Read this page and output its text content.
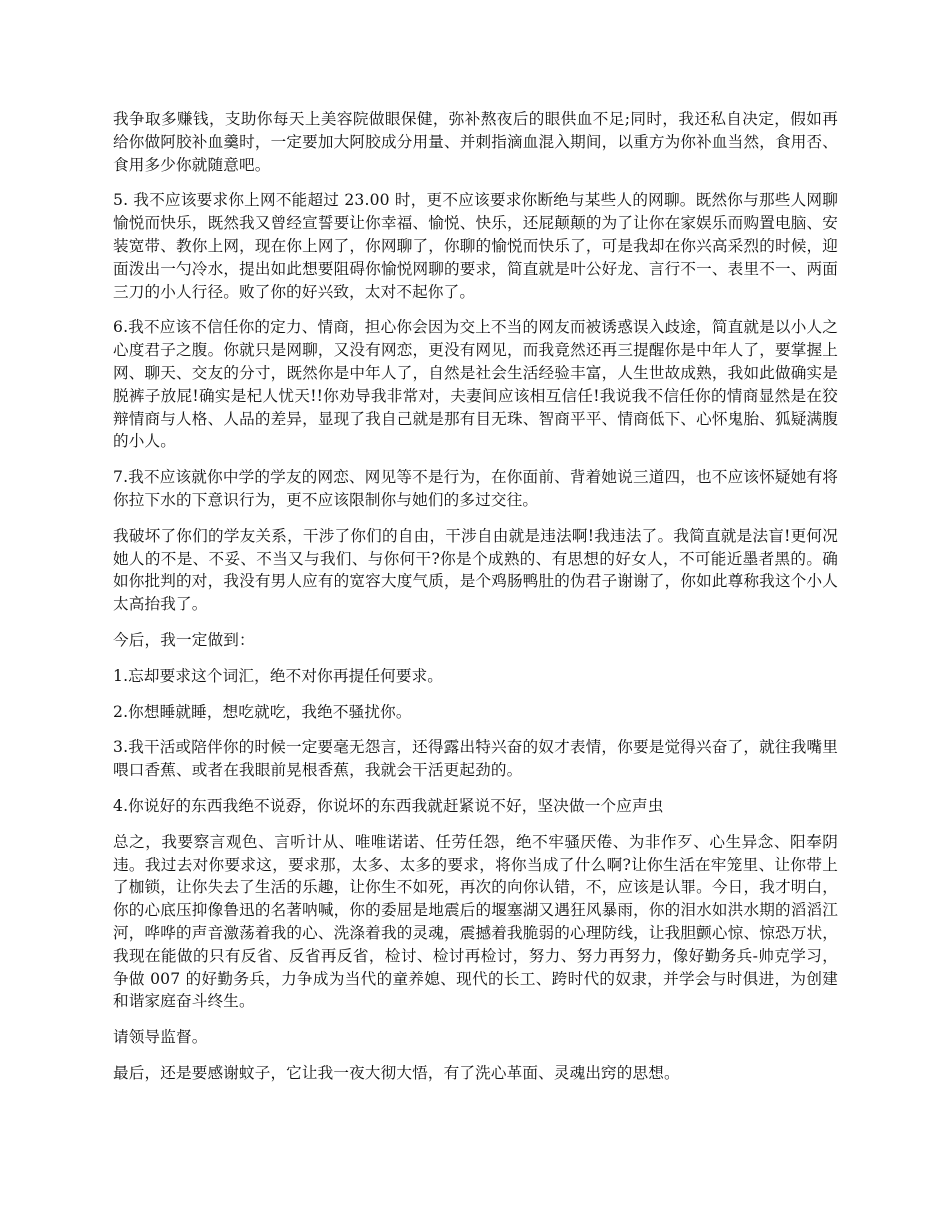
我争取多赚钱，支助你每天上美容院做眼保健，弥补熬夜后的眼供血不足;同时，我还私自决定，假如再给你做阿胶补血羹时，一定要加大阿胶成分用量、并刺指滴血混入期间，以重方为你补血当然，食用否、食用多少你就随意吧。

5. 我不应该要求你上网不能超过 23.00 时，更不应该要求你断绝与某些人的网聊。既然你与那些人网聊愉悦而快乐，既然我又曾经宣誓要让你幸福、愉悦、快乐，还屁颠颠的为了让你在家娱乐而购置电脑、安装宽带、教你上网，现在你上网了，你网聊了，你聊的愉悦而快乐了，可是我却在你兴高采烈的时候，迎面泼出一勺冷水，提出如此想要阻碍你愉悦网聊的要求，简直就是叶公好龙、言行不一、表里不一、两面三刀的小人行径。败了你的好兴致，太对不起你了。

6.我不应该不信任你的定力、情商，担心你会因为交上不当的网友而被诱惑误入歧途，简直就是以小人之心度君子之腹。你就只是网聊，又没有网恋，更没有网见，而我竟然还再三提醒你是中年人了，要掌握上网、聊天、交友的分寸，既然你是中年人了，自然是社会生活经验丰富，人生世故成熟，我如此做确实是脱裤子放屁!确实是杞人忧天!!你劝导我非常对，夫妻间应该相互信任!我说我不信任你的情商显然是在狡辩情商与人格、人品的差异，显现了我自己就是那有目无珠、智商平平、情商低下、心怀鬼胎、狐疑满腹的小人。

7.我不应该就你中学的学友的网恋、网见等不是行为，在你面前、背着她说三道四，也不应该怀疑她有将你拉下水的下意识行为，更不应该限制你与她们的多过交往。

我破坏了你们的学友关系，干涉了你们的自由，干涉自由就是违法啊!我违法了。我简直就是法盲!更何况她人的不是、不妥、不当又与我们、与你何干?你是个成熟的、有思想的好女人，不可能近墨者黑的。确如你批判的对，我没有男人应有的宽容大度气质，是个鸡肠鸭肚的伪君子谢谢了，你如此尊称我这个小人太高抬我了。

今后，我一定做到：

1.忘却要求这个词汇，绝不对你再提任何要求。

2.你想睡就睡，想吃就吃，我绝不骚扰你。

3.我干活或陪伴你的时候一定要毫无怨言，还得露出特兴奋的奴才表情，你要是觉得兴奋了，就往我嘴里喂口香蕉、或者在我眼前晃根香蕉，我就会干活更起劲的。

4.你说好的东西我绝不说孬，你说坏的东西我就赶紧说不好，坚决做一个应声虫

总之，我要察言观色、言听计从、唯唯诺诺、任劳任怨，绝不牢骚厌倦、为非作歹、心生异念、阳奉阴违。我过去对你要求这，要求那，太多、太多的要求，将你当成了什么啊?让你生活在牢笼里、让你带上了枷锁，让你失去了生活的乐趣，让你生不如死，再次的向你认错，不，应该是认罪。今日，我才明白，你的心底压抑像鲁迅的名著呐喊，你的委屈是地震后的堰塞湖又遇狂风暴雨，你的泪水如洪水期的滔滔江河，哗哗的声音激荡着我的心、洗涤着我的灵魂，震撼着我脆弱的心理防线，让我胆颤心惊、惊恐万状，我现在能做的只有反省、反省再反省，检讨、检讨再检讨，努力、努力再努力，像好勤务兵-帅克学习，争做 007 的好勤务兵，力争成为当代的童养媳、现代的长工、跨时代的奴隶，并学会与时俱进，为创建和谐家庭奋斗终生。

请领导监督。

最后，还是要感谢蚊子，它让我一夜大彻大悟，有了洗心革面、灵魂出窍的思想。
